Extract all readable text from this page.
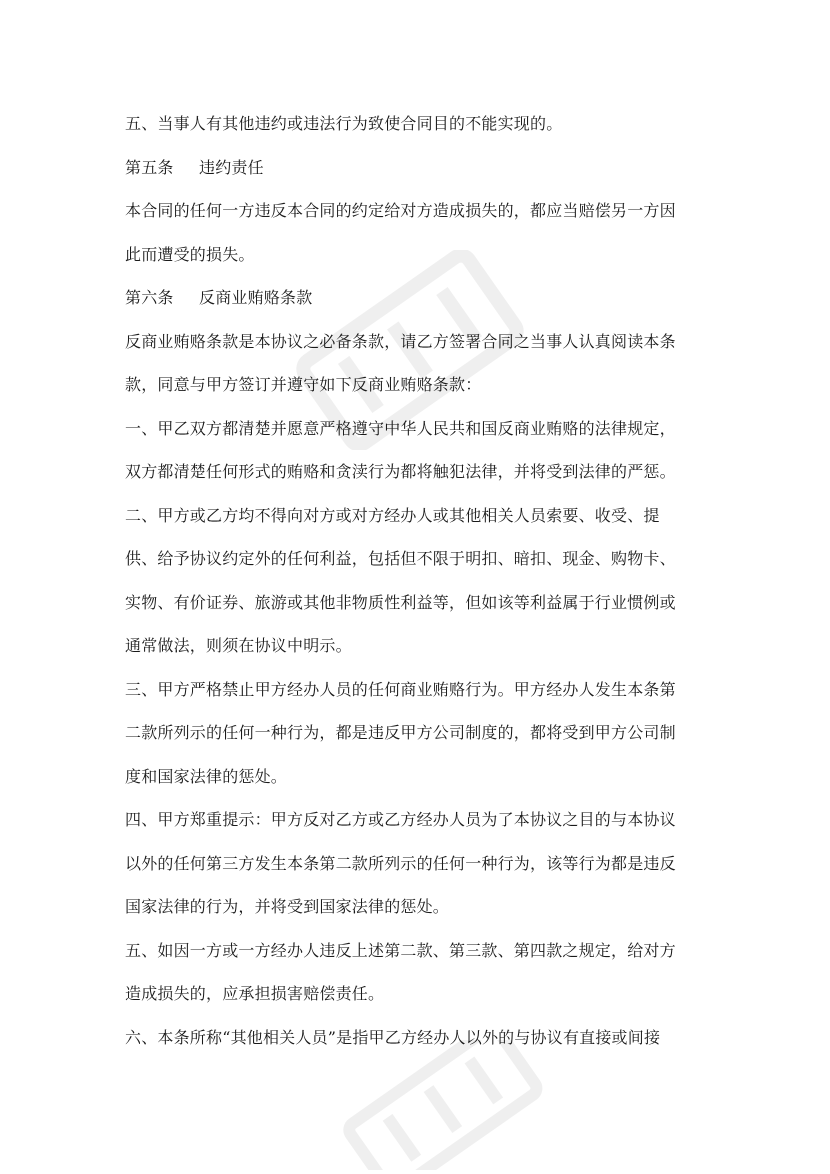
五、当事人有其他违约或违法行为致使合同目的不能实现的。
第五条 违约责任
本合同的任何一方违反本合同的约定给对方造成损失的，都应当赔偿另一方因
此而遭受的损失。
第六条 反商业贿赂条款
反商业贿赂条款是本协议之必备条款，请乙方签署合同之当事人认真阅读本条
款，同意与甲方签订并遵守如下反商业贿赂条款：
一、甲乙双方都清楚并愿意严格遵守中华人民共和国反商业贿赂的法律规定，
双方都清楚任何形式的贿赂和贪渎行为都将触犯法律，并将受到法律的严惩。
二、甲方或乙方均不得向对方或对方经办人或其他相关人员索要、收受、提
供、给予协议约定外的任何利益，包括但不限于明扣、暗扣、现金、购物卡、
实物、有价证券、旅游或其他非物质性利益等，但如该等利益属于行业惯例或
通常做法，则须在协议中明示。
三、甲方严格禁止甲方经办人员的任何商业贿赂行为。甲方经办人发生本条第
二款所列示的任何一种行为，都是违反甲方公司制度的，都将受到甲方公司制
度和国家法律的惩处。
四、甲方郑重提示：甲方反对乙方或乙方经办人员为了本协议之目的与本协议
以外的任何第三方发生本条第二款所列示的任何一种行为，该等行为都是违反
国家法律的行为，并将受到国家法律的惩处。
五、如因一方或一方经办人违反上述第二款、第三款、第四款之规定，给对方
造成损失的，应承担损害赔偿责任。
六、本条所称“其他相关人员”是指甲乙方经办人以外的与协议有直接或间接
